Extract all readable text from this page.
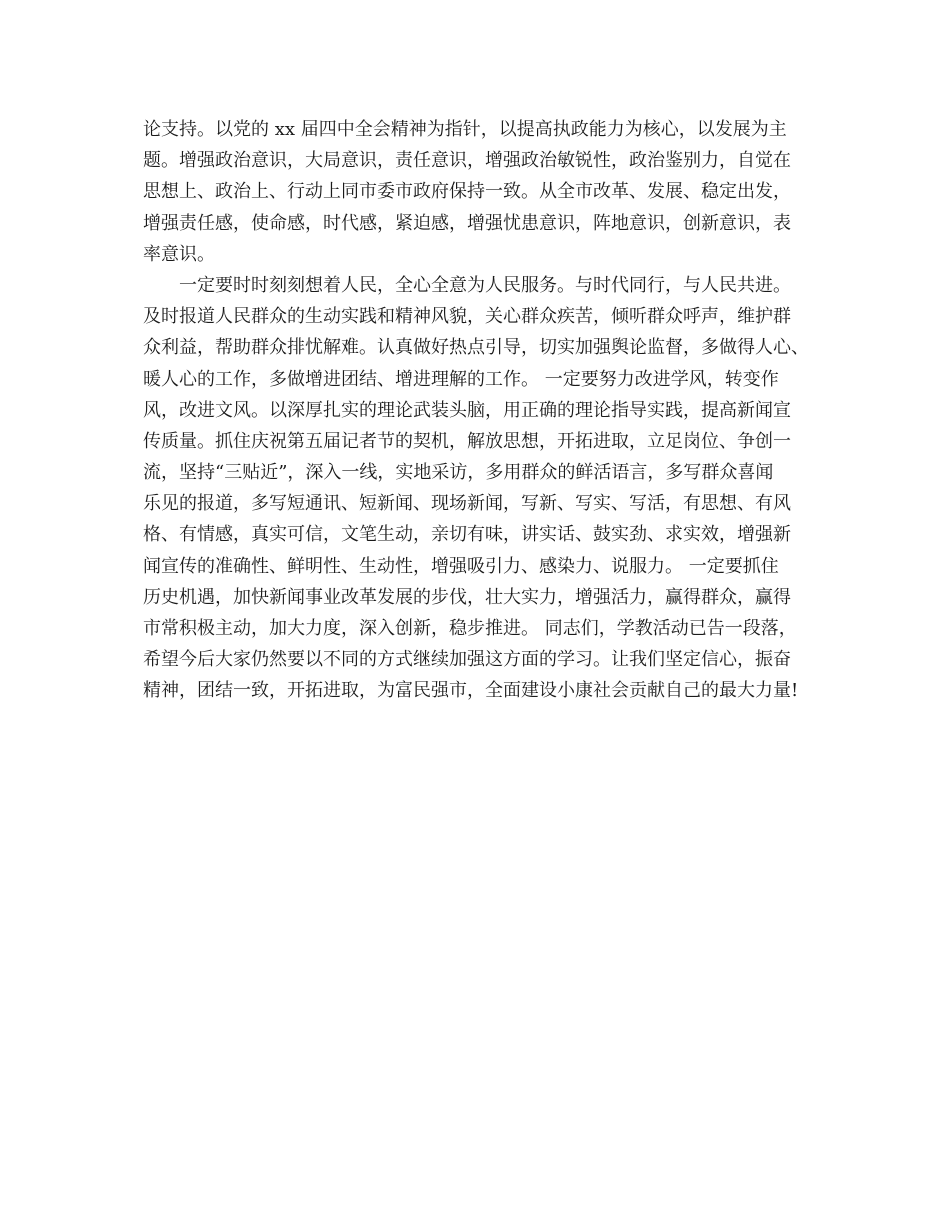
论支持。以党的 xx 届四中全会精神为指针，以提高执政能力为核心，以发展为主
题。增强政治意识，大局意识，责任意识，增强政治敏锐性，政治鉴别力，自觉在
思想上、政治上、行动上同市委市政府保持一致。从全市改革、发展、稳定出发，
增强责任感，使命感，时代感，紧迫感，增强忧患意识，阵地意识，创新意识，表
率意识。
一定要时时刻刻想着人民，全心全意为人民服务。与时代同行，与人民共进。
及时报道人民群众的生动实践和精神风貌，关心群众疾苦，倾听群众呼声，维护群
众利益，帮助群众排忧解难。认真做好热点引导，切实加强舆论监督，多做得人心、
暖人心的工作，多做增进团结、增进理解的工作。 一定要努力改进学风，转变作
风，改进文风。以深厚扎实的理论武装头脑，用正确的理论指导实践，提高新闻宣
传质量。抓住庆祝第五届记者节的契机，解放思想，开拓进取，立足岗位、争创一
流，坚持“三贴近”，深入一线，实地采访，多用群众的鲜活语言，多写群众喜闻
乐见的报道，多写短通讯、短新闻、现场新闻，写新、写实、写活，有思想、有风
格、有情感，真实可信，文笔生动，亲切有味，讲实话、鼓实劲、求实效，增强新
闻宣传的准确性、鲜明性、生动性，增强吸引力、感染力、说服力。 一定要抓住
历史机遇，加快新闻事业改革发展的步伐，壮大实力，增强活力，赢得群众，赢得
市常积极主动，加大力度，深入创新，稳步推进。 同志们，学教活动已告一段落，
希望今后大家仍然要以不同的方式继续加强这方面的学习。让我们坚定信心，振奋
精神，团结一致，开拓进取，为富民强市，全面建设小康社会贡献自己的最大力量!
